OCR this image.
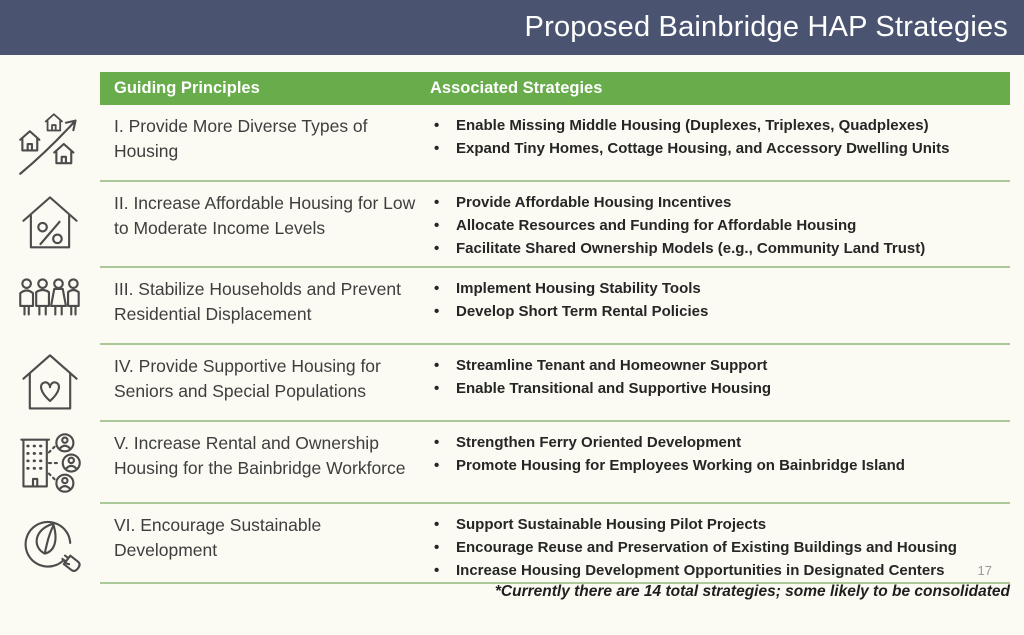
Proposed Bainbridge HAP Strategies
Guiding Principles	Associated Strategies
I. Provide More Diverse Types of Housing
• Enable Missing Middle Housing (Duplexes, Triplexes, Quadplexes)
• Expand Tiny Homes, Cottage Housing, and Accessory Dwelling Units
II. Increase Affordable Housing for Low to Moderate Income Levels
• Provide Affordable Housing Incentives
• Allocate Resources and Funding for Affordable Housing
• Facilitate Shared Ownership Models (e.g., Community Land Trust)
III. Stabilize Households and Prevent Residential Displacement
• Implement Housing Stability Tools
• Develop Short Term Rental Policies
IV. Provide Supportive Housing for Seniors and Special Populations
• Streamline Tenant and Homeowner Support
• Enable Transitional and Supportive Housing
V. Increase Rental and Ownership Housing for the Bainbridge Workforce
• Strengthen Ferry Oriented Development
• Promote Housing for Employees Working on Bainbridge Island
VI. Encourage Sustainable Development
• Support Sustainable Housing Pilot Projects
• Encourage Reuse and Preservation of Existing Buildings and Housing
• Increase Housing Development Opportunities in Designated Centers	17
*Currently there are 14 total strategies; some likely to be consolidated
